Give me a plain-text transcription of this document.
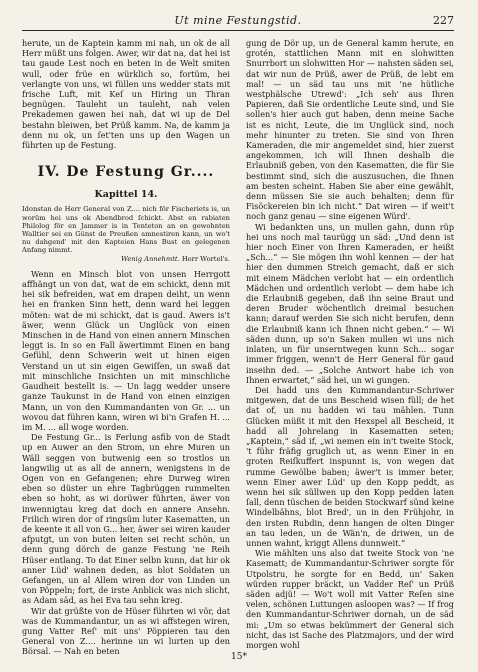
Ut mine Festungstid.	227

herute, un de Kaptein kamm mi nah, un ok de all Herr müßt uns folgen. Awer, wir dat na, dat hei ist tau gaude Lest noch en beten in de Welt smiten wull, oder früe en würklich so, fortüm, hei verlangte von uns, wi füllen uns wedder stats mit frische Luft, mit Keſ un Hiring un Thran begnügen. Tauleht un tauleht, nah velen Prekademen gawen hei nah, dat wi up de Del bestahn bleiwen, bet Prüß kamm. Na, de kamm ja denn nu ok, un ſet'ten uns up den Wagen un führten up de Festung.

IV. De Festung Gr....
Kapittel 14.

Idonstan de Herr General von Z.... nich för Fischeriets is, un worüm hei uns ok Abendbrod ſchickt. Abst en rabiaten Philolog för en Jammer is in Tenteton an en gewohnten Walltier sei en Günst de Preußen amnestiren kann, un wo't nu dahgend' mit den Kapteien Hans Bust en gelegenen Anfang nimmt.

Wenig Annehmtt. Herr Wortel's.

Wenn en Minsch blot von unsen Herrgott affhängt un von dat, wat de em schickt, denn mit hei sik befreiden, wat em drapen deiht, un wenn hei en franken Sinn hett, denn ward hei leggen möten: wat de mi schickt, dat is gaud. Awers is't äwer, wenn Glück un Unglück von einen Minschen in de Hand von einen annern Minschen leggt is. In so en Fall äwertimmt Einen en bang Gefühl, denn Schwerin weit ut hinen eigen Verstand un ut sin eigen Gewiſſen, un swaß dat mit minschliche Insichten un mit minschliche Gaudheit bestellt is. — Un lagg wedder unsere ganze Taukunst in de Hand von einen einzigen Mann, un von den Kummandanten von Gr. ... un wovou dat führen kann, wiren wi bi'n Grafen H. ... im M. ... all woge worden.

De Festung Gr... is Ferlung asfib von de Stadt up en Auwer an den Strom, un ehre Muren un Wäll seggen von butwenig een so trostlos un langwilig ut as all de annern, wenigstens in de Ogen von en Gefangenen; ehre Durweg wiren eben so düster un ehre Tagbrüggen rummelten eben so hoht, as wi dorüwer führten, äwer von inwennigtau kreg dat doch en annere Ansehn. Frilich wiren dor of ringsüm luter Kasematten, un de keente it all von G... her, äwer sei wiren kauder afputgt, un von buten leiten sei recht schön, un denn gung dörch de ganze Festung 'ne Reih Hüser entlang. To dat Einer selbn kunn, dat hir ok anner Lüd' wahnen deden, as blot Soldaten un Gefangen, un al Allem wiren dor von Linden un von Pöppeln; fort, de irste Anblick was nich slicht, as Adam säd, as hei Eva tau sehn kreg.

Wir dat grüßte von de Hüser führten wi vör, dat was de Kummandantur, un as wi affstegen wiren, gung Vatter Reſ' mit uns' Pöppieren tau den General von Z.... herinne un wi lurten up den Börsal. — Nah en beten

gung de Dör up, un de General kamm herute, en grotén, stattlichen Mann mit en slohwitten Snurrbort un slohwitten Hor — nahsten säden sei, dat wir nun de Prüß, awer de Prüß, de lebt em mal! — un säd tau uns mit 'ne hütliche westphälsche Utrewd': „Ich seh' aus Ihren Papieren, daß Sie ordentliche Leute sind, und Sie sollen's hier auch gut haben, denn meine Sache ist es nicht, Leute, die im Unglück sind, noch mehr hinunter zu treten. Sie sind von Ihren Kameraden, die mir angemeldet sind, hier zuerst angekommen, ich will Ihnen deshalb die Erlaubniß geben, von den Kasematten, die für Sie bestimmt sind, sich die auszusuchen, die Ihnen am besten scheint. Haben Sie aber eine gewählt, denn müssen Sie sie auch behalten; denn für Fisöckereien bin ich nicht.“ Dat wiren — if weit't noch ganz genau — sine eigenen Würd'.

Wi bedankten uns, un mullen gahn, dunn rüp hei uns noch mal taurügg un säd: „Und denn ist hier noch Einer von Ihren Kameraden, er heißt „Sch...“ — Sie mögen ihn wohl kennen — der hat hier den dummen Streich gemacht, daß er sich mit einem Mädchen verlobt hat — ein ordentlich Mädchen und ordentlich verlobt — dem habe ich die Erlaubniß gegeben, daß ihn seine Braut und deren Bruder wöchentlich dreimal besuchen kann; darauf werden Sie sich nicht berufen, denn die Erlaubniß kann ich Ihnen nicht geben.“ — Wi säden dunn, up so'n Saken mullen wi uns nich inlaten, un für unserntwegen kunn Sch... sogar immer friggen, wenn't de Herr General für gaud inseihn ded. — „Solche Antwort habe ich von Ihnen erwartet,“ säd hei, un wi gungen.

Dei hadd uns den Kummandantur-Schriwer mitgewen, dat de uns Bescheid wisen füll; de het dat of, un nu hadden wi tau mählen. Tunn Glücken müßt it mit den Hexspel all Bescheid, it hadd all Johrelang in Kasematten seten; „Kaptein,“ säd if, „wi nemen ein in't tweite Stock, 't führ fräfig gruglich ut, as wenn Einer in en groten Reiſkuffert inspunnt is, von wegen dat rumme Gewölbe baben; äwer't is immer beter, wenn Einer awer Lüd' up den Kopp peddt, as wenn hei sik süllwen up den Kopp pedden laten ſall, denn tüschen de beiden Stockwarf sünd keine Windelbähns, blot Bred', un in den Frühjohr, in den irsten Rubdin, denn hangen de olten Dinger an tau leden, un de Wän'n, de driwen, un de unnen wahnt, kriggt Allens dunnweit.“

Wie mählten uns also dat tweite Stock von 'ne Kasematt; de Kummandantur-Schriwer sorgte för Utpolstru, he sorgte for en Bedd, un' Saken würden rupper bräckt, un Vadder Reſ' un Prüß säden adjü! — Wo't woll mit Vatter Reſen sine velen, schönen Luttungen asloopen was? — If frog den Kummandantur-Schriwer dornah, un de säd mi: „Um so etwas bekümmert der General sich nicht, das ist Sache des Platzmajors, und der wird morgen wohl

15*
